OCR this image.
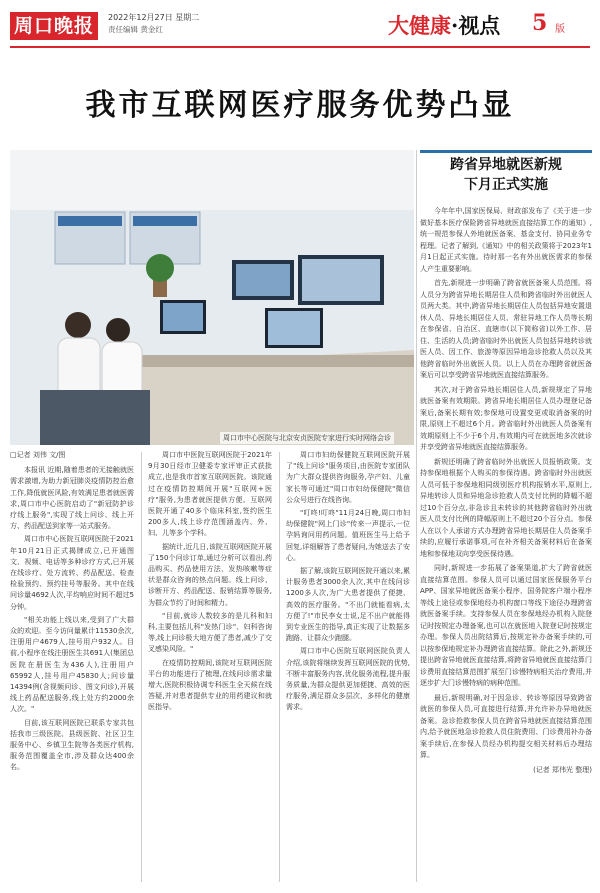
周口晚报	2022年12月27日 星期二
责任编辑 黄金红	大健康·视点 5 版
我市互联网医疗服务优势凸显
周口市中心医院与北京安贞医院专家进行实时网络会诊
跨省异地就医新规
下月正式实施

今年年中,国家医保局、财政部发布了《关于进一步做好基本医疗保险跨省异地就医直接结算工作的通知》,统一规范参保人外地就医备案、基金支付、协同业务专程理。记者了解到,《通知》中的相关政策将于2023年1月1日起正式实施。待时那一名有外出就医需求的参保人产生重要影响。

首先,新规进一步明确了跨省就医备案人员范围。将人员分为跨省异地长期居住人员和跨省临时外出就医人员两大类。其中,跨省异地长期居住人员包括异地安置退休人员、异地长期居住人员、常驻异地工作人员等长期在参保省、自治区、直辖市(以下简称省)以外工作、居住、生活的人员;跨省临时外出就医人员包括异地转诊就医人员、因工作、旅游等原因异地急诊抢救人员以及其他跨省临时外出就医人员。以上人员在办理跨省就医备案后可以享受跨省异地就医直接结算服务。

其次,对于跨省异地长期居住人员,新规规定了异地就医备案有效期限。跨省异地长期居住人员办理登记备案后,备案长期有效;参保地可设置变更或取消备案的时限,原则上不超过6个月。跨省临时外出就医人员备案有效期原则上不少于6个月,有效期内可在就医地多次就诊并享受跨省异地就医直接结算服务。

新规还明确了跨省临时外出就医人员报销政策。支持参保地根据个人购买的参保待遇。跨省临时外出就医人员可低于参保地相同级别医疗机构报销水平,原则上,异地转诊人员和异地急诊抢救人员支付比例的降幅不超过10个百分点,非急诊且未转诊的其他跨省临时外出就医人员支付比例的降幅原则上不超过20个百分点。参保人在以个人承诺方式办理跨省异地长期居住人员备案手续的,应履行承诺事项,可在补齐相关备案材料后在备案地和参保地双向享受医保待遇。

同时,新规进一步拓展了备案渠道,扩大了跨省就医直接结算范围。参保人员可以通过国家医保服务平台APP、国家异地就医备案小程序、国务院客户端小程序等线上途径或参保地经办机构窗口等线下途径办理跨省就医备案手续。支持参保人员在参保地经办机构入院登记时按规定办理备案,也可以在就医地入院登记时按规定办理。参保人员出院结算后,按规定补办备案手续的,可以按参保地规定补办理跨省直接结算。除此之外,新规还提出跨省异地就医直接结算,将跨省异地就医直接结算门诊费用直接结算范围扩展至门诊慢特病相关治疗费用,并逐步扩大门诊慢特病的病种范围。

最后,新规明确,对于因急诊、转诊等原因导致跨省就医的参保人员,可直接进行结算,并允许补办异地就医备案。急诊抢救参保人员在跨省异地就医直接结算范围内,给予就医地急诊抢救人员住院费用、门诊费用补办备案手续后,在参保人员经办机构提交相关材料后办理结算。

(记者 郑伟光 整理)

□记者 刘伟 文/图

本报讯 近期,随着患者的无接触就医需求激增,为助力新冠肺炎疫情防控治愈工作,降低就医风险,有效满足患者就医需求,周口市中心医院启动了"新冠防护诊疗线上服务",实现了线上问诊、线上开方、药品配送到家等一站式服务。

周口市中心医院互联网医院于2021年10月21日正式揭牌成立,已开通图文、视频、电话等多种诊疗方式,已开展在线诊疗、处方流转、药品配送、检查检验预约、预约挂号等服务。其中在线问诊量4692人次,平均响应时间不超过5分钟。

"相关功能上线以来,受到了广大群众的欢迎。至今访问量累计11530余次,注册用户4679人,挂号用户932人。目前,小程序在线注册医生共691人(集团总医院在册医生为436人),注册用户65992人,挂号用户45830人;问诊量14394例(含视频问诊、图文问诊),开展线上药品配送服务,线上处方约2000余人次。"

目前,该互联网医院已联系专家共包括我市三级医院、县级医院、社区卫生服务中心、乡镇卫生院等各类医疗机构,服务范围覆盖全市,涉及群众达400余名。

周口市中医院互联网医院于2021年9月30日经市卫健委专家评审正式获批成立,也是我市首家互联网医院。该院通过在疫情防控期间开展"互联网+医疗"服务,为患者就医提供方便。互联网医院开通了40多个临床科室,签约医生200多人,线上诊疗范围涵盖内、外、妇、儿等多个学科。

据统计,近几日,该院互联网医院开展了150个问诊订单,通过分析可以看出,药品购买、药品使用方法、发热咳嗽等症状是群众咨询的热点问题。线上问诊、诊断开方、药品配送、报销结算等服务,为群众节约了时间和精力。

"目前,就诊人数较多的是儿科和妇科,主要包括儿科"发热门诊"、妇科咨询等,线上问诊极大地方便了患者,减少了交叉感染风险。"

在疫情防控期间,该院对互联网医院平台的功能进行了梳理,在线问诊需求量增大,医院积极协调专科医生全天候在线答疑,并对患者提供专业的用药建议和就医指导。

周口市妇幼保健院互联网医院开展了"线上问诊"服务项目,由医院专家团队为广大群众提供咨询服务,孕产妇、儿童家长等可通过"周口市妇幼保健院"微信公众号进行在线咨询。

"叮咚!叮咚"11月24日晚,周口市妇幼保健院"网上门诊"传来一声提示,一位孕妈询问用药问题。值班医生马上给予回复,详细解答了患者疑问,为她送去了安心。

据了解,该院互联网医院开通以来,累计服务患者3000余人次,其中在线问诊1200多人次,为广大患者提供了便捷、高效的医疗服务。"不出门就能看病,太方便了!"市民李女士说,足不出户就能得到专业医生的指导,真正实现了让数据多跑路、让群众少跑腿。

周口市中心医院互联网医院负责人介绍,该院将继续发挥互联网医院的优势,不断丰富服务内容,优化服务流程,提升服务质量,为群众提供更加便捷、高效的医疗服务,满足群众多层次、多样化的健康需求。
